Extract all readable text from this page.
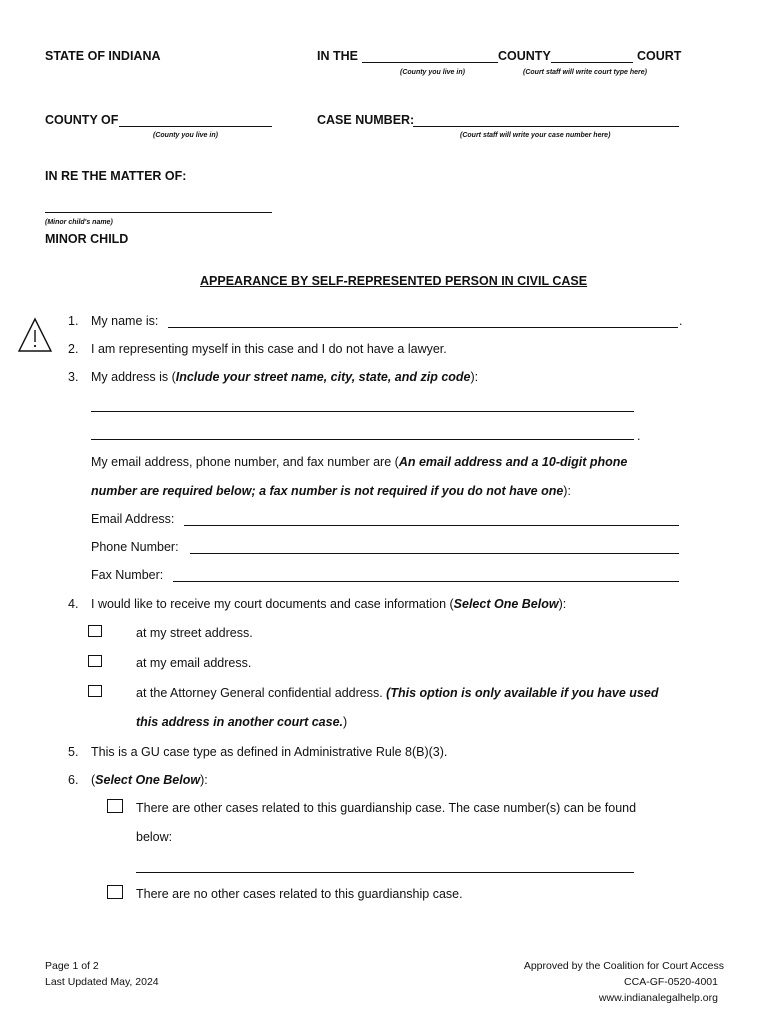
STATE OF INDIANA	IN THE	COUNTY	COURT
(County you live in)	(Court staff will write court type here)
COUNTY OF
(County you live in)
CASE NUMBER:
(Court staff will write your case number here)
IN RE THE MATTER OF:
(Minor child's name)
MINOR CHILD
APPEARANCE BY SELF-REPRESENTED PERSON IN CIVIL CASE
1. My name is:	.
2. I am representing myself in this case and I do not have a lawyer.
3. My address is (Include your street name, city, state, and zip code):
.
My email address, phone number, and fax number are (An email address and a 10-digit phone
number are required below; a fax number is not required if you do not have one):
Email Address:
Phone Number:
Fax Number:
4. I would like to receive my court documents and case information (Select One Below):
at my street address.
at my email address.
at the Attorney General confidential address. (This option is only available if you have used
this address in another court case.)
5. This is a GU case type as defined in Administrative Rule 8(B)(3).
6. (Select One Below):
There are other cases related to this guardianship case. The case number(s) can be found
below:
There are no other cases related to this guardianship case.
Page 1 of 2
Last Updated May, 2024
Approved by the Coalition for Court Access
CCA-GF-0520-4001
www.indianalegalhelp.org
